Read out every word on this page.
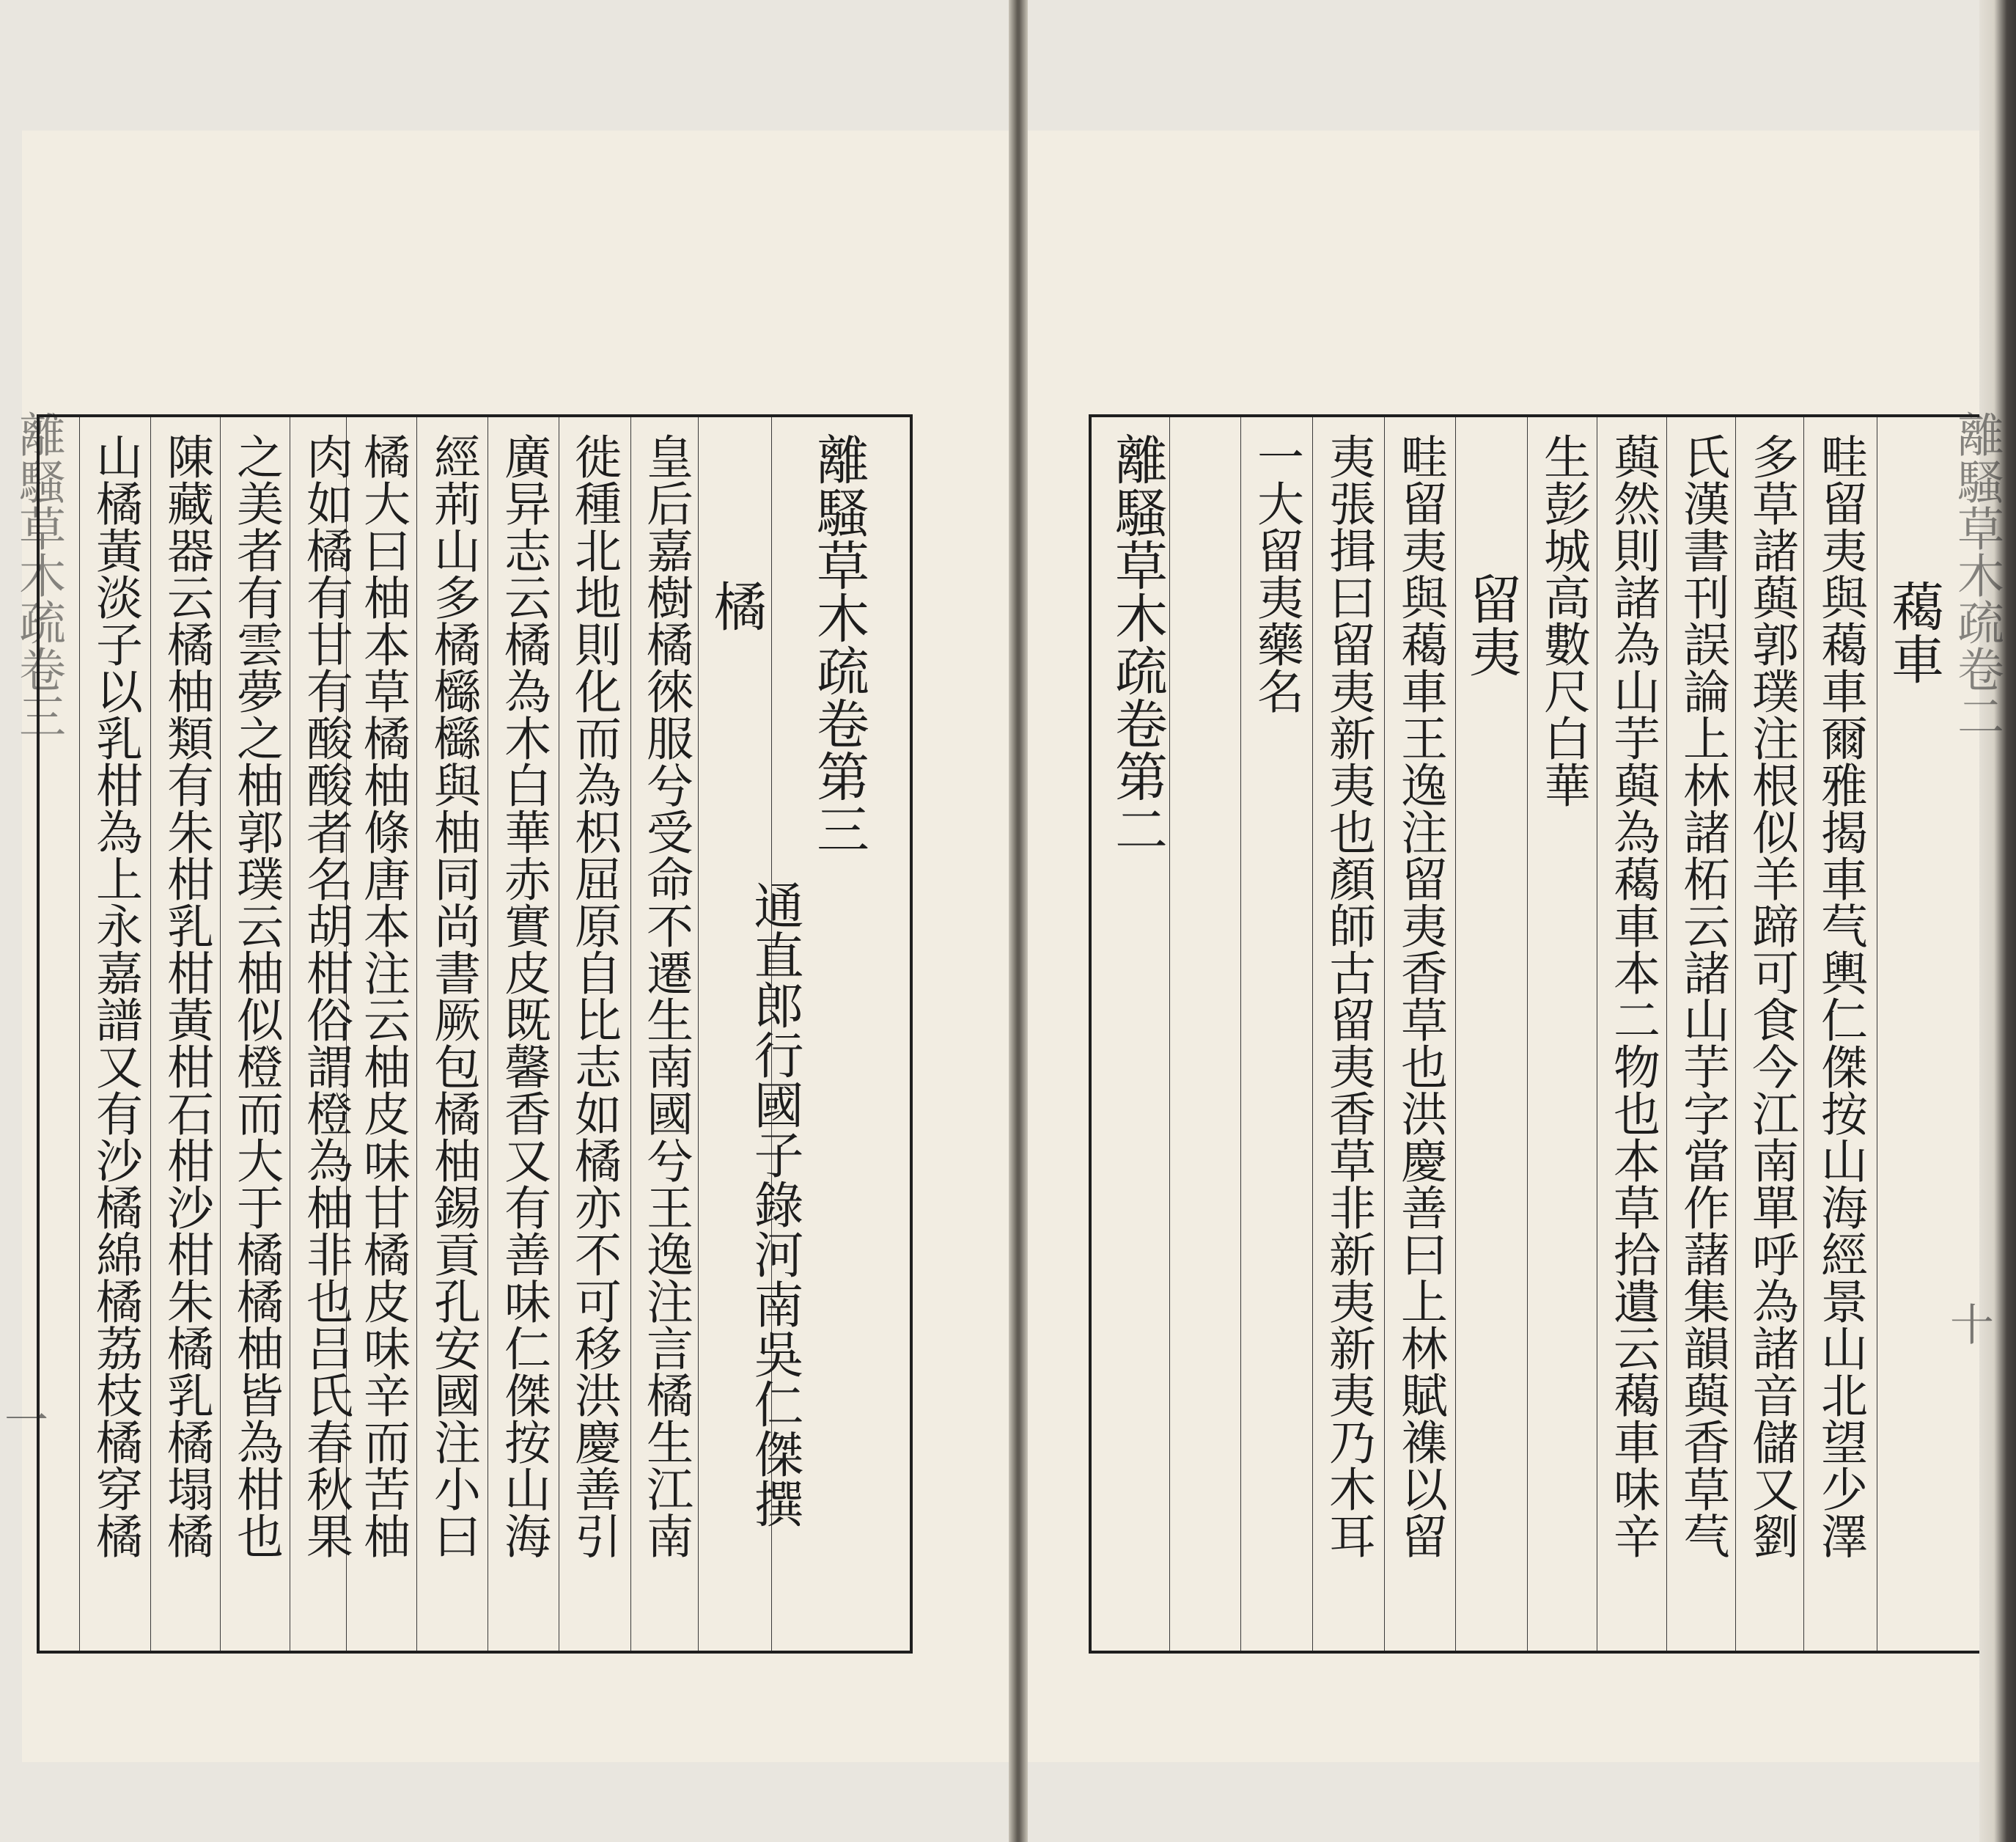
離騷草木疏卷三
一
離騷草木疏卷第三
通直郎行國子錄河南吳仁傑撰
橘
皇后嘉樹橘徠服兮受命不遷生南國兮王逸注言橘生江南
徙種北地則化而為枳屈原自比志如橘亦不可移洪慶善引
廣异志云橘為木白華赤實皮既馨香又有善味仁傑按山海
經荊山多橘櫾櫾與柚同尚書厥包橘柚錫貢孔安國注小曰
橘大曰柚本草橘柚條唐本注云柚皮味甘橘皮味辛而苦柚
肉如橘有甘有酸酸者名胡柑俗謂橙為柚非也吕氏春秋果
之美者有雲夢之柚郭璞云柚似橙而大于橘橘柚皆為柑也
陳藏器云橘柚類有朱柑乳柑黃柑石柑沙柑朱橘乳橘塌橘
山橘黃淡子以乳柑為上永嘉譜又有沙橘綿橘荔枝橘穿橘	離騷草木疏卷二
十
藒車
畦留夷與藒車爾雅揭車芞輿仁傑按山海經景山北望少澤
多草諸藇郭璞注根似羊蹄可食今江南單呼為諸音儲又劉
氏漢書刊誤論上林諸柘云諸山芋字當作藷集韻藇香草芞
藇然則諸為山芋藇為藒車本二物也本草拾遺云藒車味辛
生彭城高數尺白華
留夷
畦留夷與藒車王逸注留夷香草也洪慶善曰上林賦襍以留
夷張揖曰留夷新夷也顏師古留夷香草非新夷新夷乃木耳
一大留夷藥名
離騷草木疏卷第二
